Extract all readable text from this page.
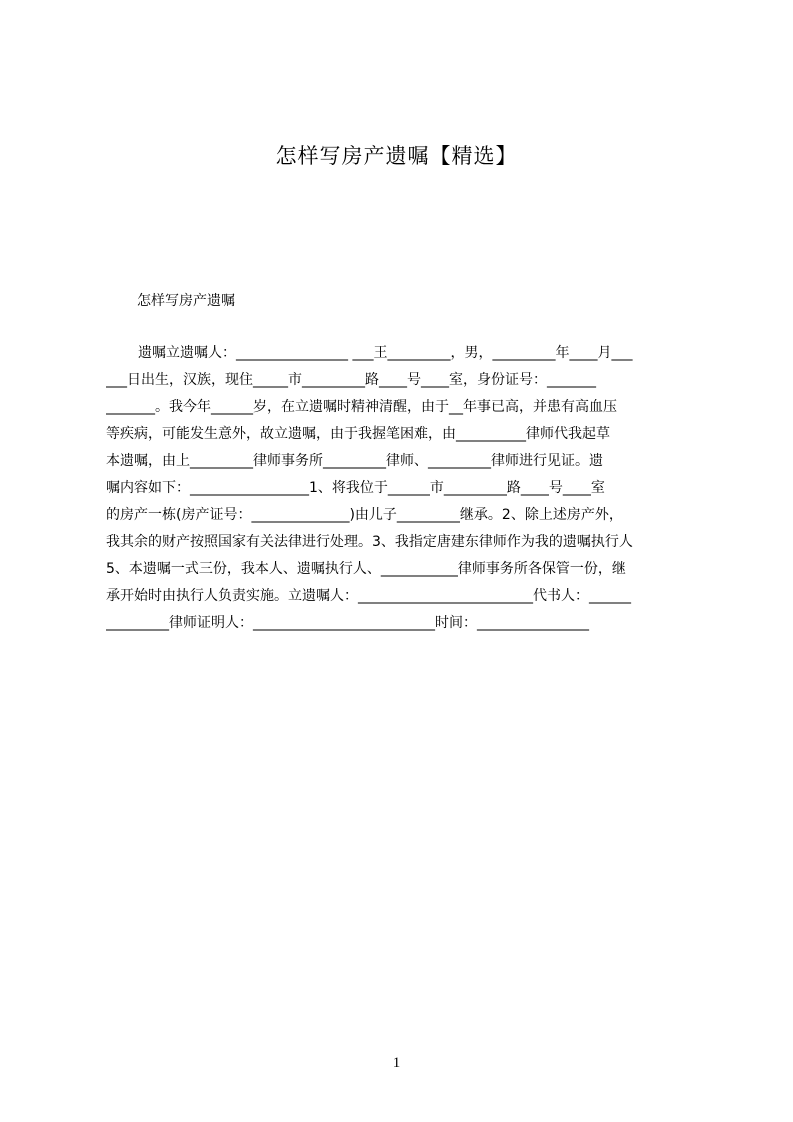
怎样写房产遗嘱【精选】
怎样写房产遗嘱
遗嘱立遗嘱人：________________ ___王_________，男，_________年____月___
___日出生，汉族，现住_____市_________路____号____室，身份证号：_______
_______。我今年______岁，在立遗嘱时精神清醒，由于__年事已高，并患有高血压
等疾病，可能发生意外，故立遗嘱，由于我握笔困难，由__________律师代我起草
本遗嘱，由上_________律师事务所_________律师、_________律师进行见证。遗
嘱内容如下：_________________1、将我位于______市_________路____号____室
的房产一栋(房产证号：______________)由儿子_________继承。2、除上述房产外，
我其余的财产按照国家有关法律进行处理。3、我指定唐建东律师作为我的遗嘱执行人
5、本遗嘱一式三份，我本人、遗嘱执行人、___________律师事务所各保管一份，继
承开始时由执行人负责实施。立遗嘱人：_________________________代书人：______
_________律师证明人：__________________________时间：________________
1
